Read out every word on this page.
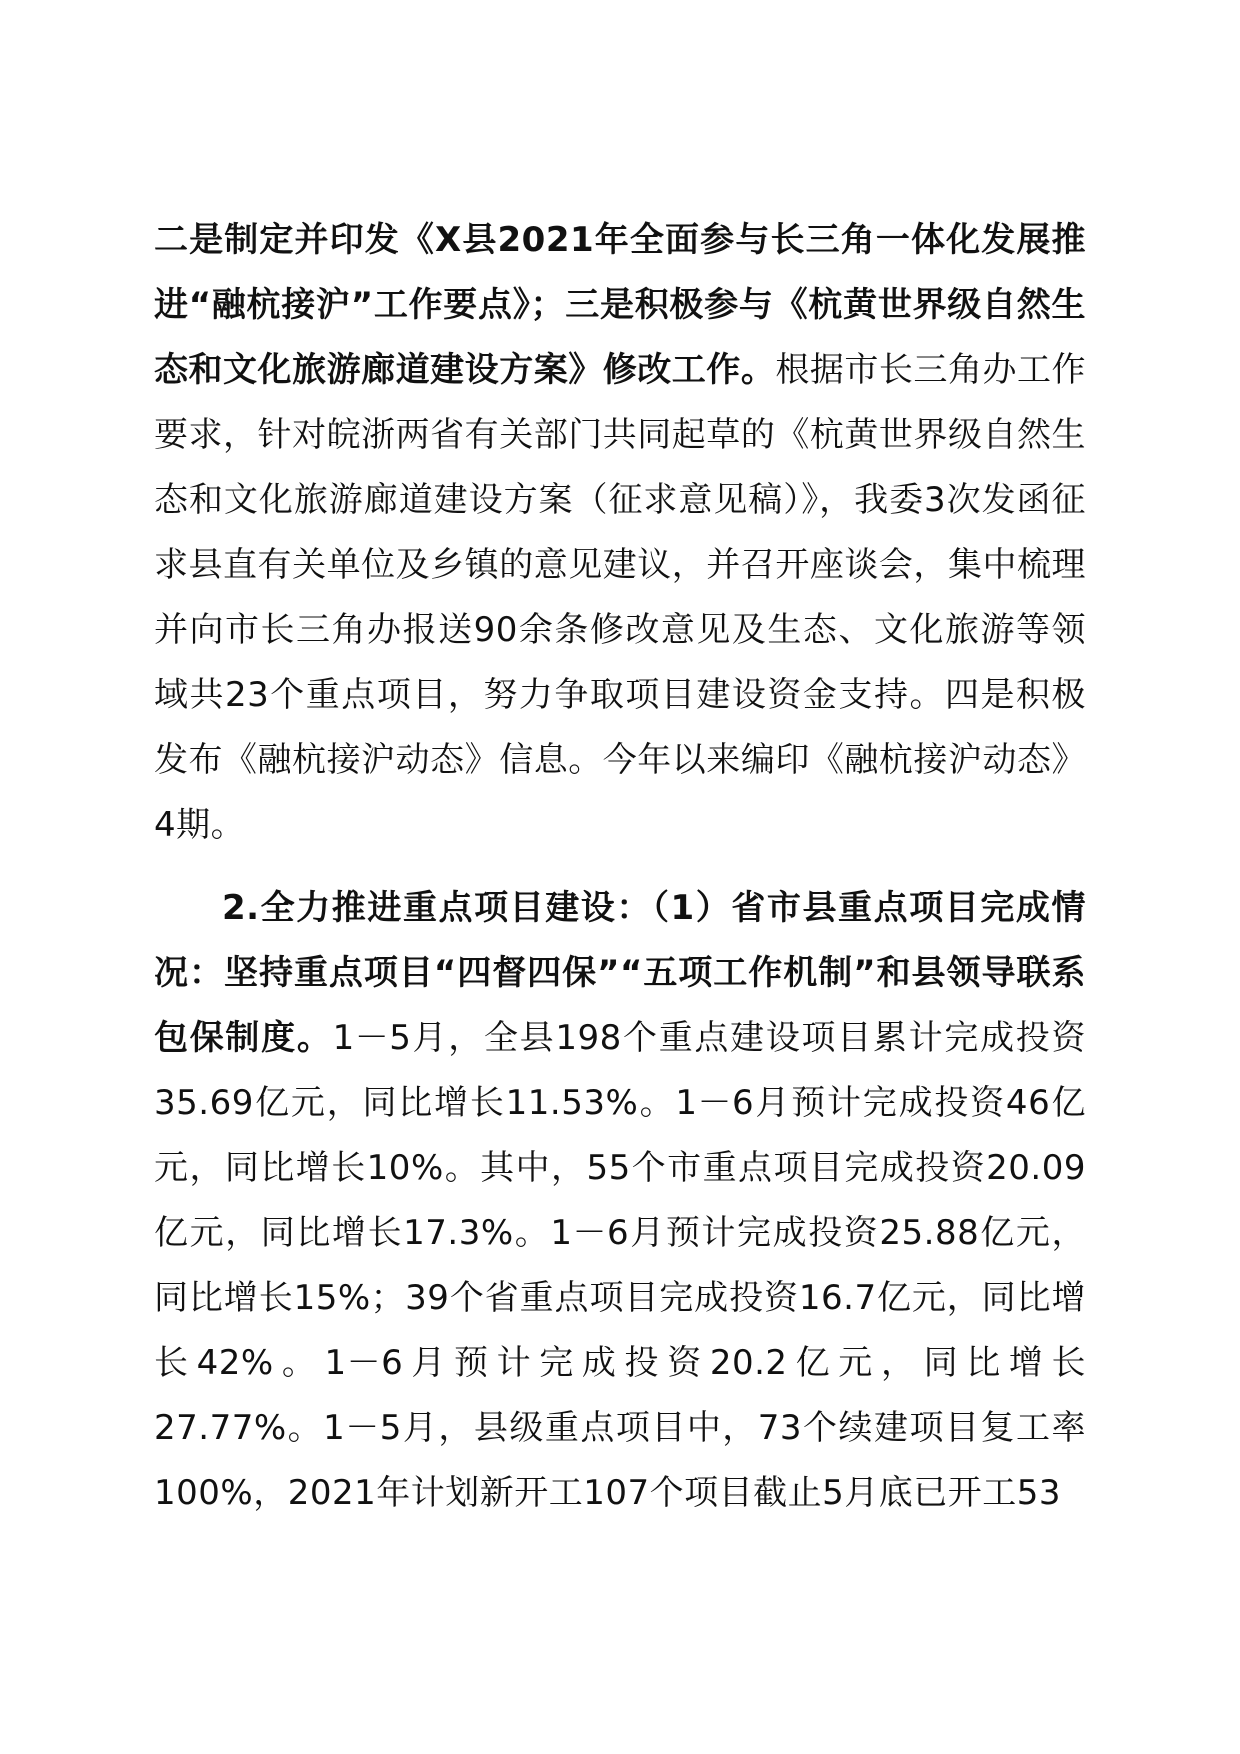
二是制定并印发《X县2021年全面参与长三角一体化发展推进“融杭接沪”工作要点》；三是积极参与《杭黄世界级自然生态和文化旅游廊道建设方案》修改工作。根据市长三角办工作要求，针对皖浙两省有关部门共同起草的《杭黄世界级自然生态和文化旅游廊道建设方案（征求意见稿）》，我委3次发函征求县直有关单位及乡镇的意见建议，并召开座谈会，集中梳理并向市长三角办报送90余条修改意见及生态、文化旅游等领域共23个重点项目，努力争取项目建设资金支持。四是积极发布《融杭接沪动态》信息。今年以来编印《融杭接沪动态》4期。

2.全力推进重点项目建设：（1）省市县重点项目完成情况：坚持重点项目“四督四保”“五项工作机制”和县领导联系包保制度。1－5月，全县198个重点建设项目累计完成投资35.69亿元，同比增长11.53%。1－6月预计完成投资46亿元，同比增长10%。其中，55个市重点项目完成投资20.09亿元，同比增长17.3%。1－6月预计完成投资25.88亿元，同比增长15%；39个省重点项目完成投资16.7亿元，同比增长42%。1－6月预计完成投资20.2亿元，同比增长27.77%。1－5月，县级重点项目中，73个续建项目复工率100%，2021年计划新开工107个项目截止5月底已开工53
